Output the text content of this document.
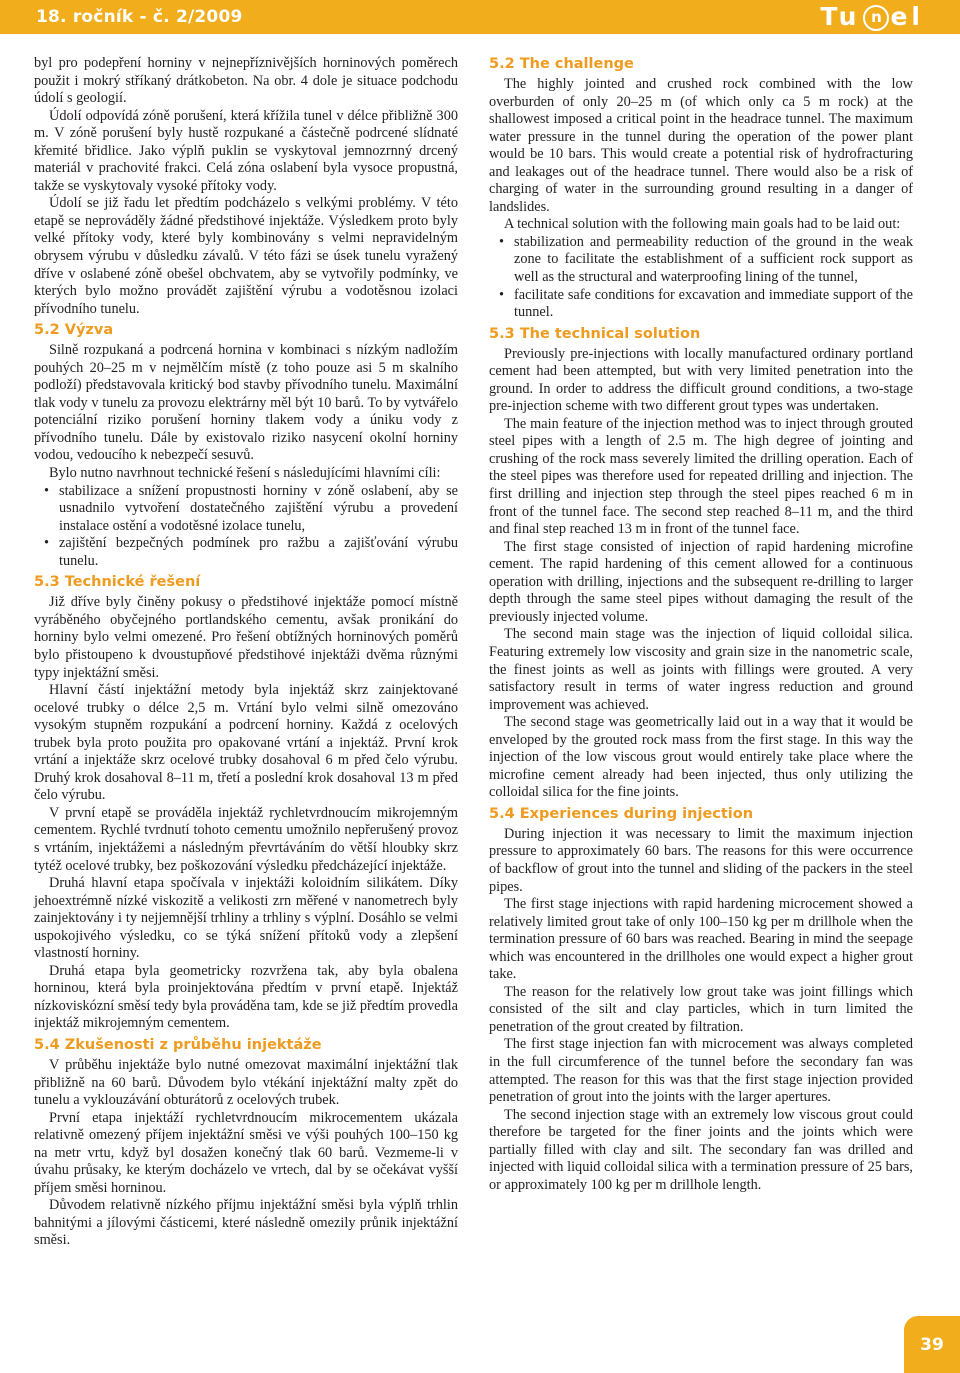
18. ročník - č. 2/2009	Tu n el

byl pro podepření horniny v nejnepříznivějších horninových poměrech použit i mokrý stříkaný drátkobeton. Na obr. 4 dole je situace podchodu údolí s geologií.

Údolí odpovídá zóně porušení, která křížila tunel v délce přibližně 300 m. V zóně porušení byly hustě rozpukané a částečně podrcené slídnaté křemité břidlice. Jako výplň puklin se vyskytoval jemnozrnný drcený materiál v prachovité frakci. Celá zóna oslabení byla vysoce propustná, takže se vyskytovaly vysoké přítoky vody.

Údolí se již řadu let předtím podcházelo s velkými problémy. V této etapě se neprováděly žádné předstihové injektáže. Výsledkem proto byly velké přítoky vody, které byly kombinovány s velmi nepravidelným obrysem výrubu v důsledku závalů. V této fázi se úsek tunelu vyražený dříve v oslabené zóně obešel obchvatem, aby se vytvořily podmínky, ve kterých bylo možno provádět zajištění výrubu a vodotěsnou izolaci přívodního tunelu.

5.2 Výzva

Silně rozpukaná a podrcená hornina v kombinaci s nízkým nadložím pouhých 20–25 m v nejmělčím místě (z toho pouze asi 5 m skalního podloží) představovala kritický bod stavby přívodního tunelu. Maximální tlak vody v tunelu za provozu elektrárny měl být 10 barů. To by vytvářelo potenciální riziko porušení horniny tlakem vody a úniku vody z přívodního tunelu. Dále by existovalo riziko nasycení okolní horniny vodou, vedoucího k nebezpečí sesuvů.

Bylo nutno navrhnout technické řešení s následujícími hlavními cíli:

• stabilizace a snížení propustnosti horniny v zóně oslabení, aby se usnadnilo vytvoření dostatečného zajištění výrubu a provedení instalace ostění a vodotěsné izolace tunelu,
• zajištění bezpečných podmínek pro ražbu a zajišťování výrubu tunelu.
5.3 Technické řešení

Již dříve byly činěny pokusy o předstihové injektáže pomocí místně vyráběného obyčejného portlandského cementu, avšak pronikání do horniny bylo velmi omezené. Pro řešení obtížných horninových poměrů bylo přistoupeno k dvoustupňové předstihové injektáži dvěma různými typy injektážní směsi.

Hlavní částí injektážní metody byla injektáž skrz zainjektované ocelové trubky o délce 2,5 m. Vrtání bylo velmi silně omezováno vysokým stupněm rozpukání a podrcení horniny. Každá z ocelových trubek byla proto použita pro opakované vrtání a injektáž. První krok vrtání a injektáže skrz ocelové trubky dosahoval 6 m před čelo výrubu. Druhý krok dosahoval 8–11 m, třetí a poslední krok dosahoval 13 m před čelo výrubu.

V první etapě se prováděla injektáž rychletvrdnoucím mikrojemným cementem. Rychlé tvrdnutí tohoto cementu umožnilo nepřerušený provoz s vrtáním, injektážemi a následným převrtáváním do větší hloubky skrz tytéž ocelové trubky, bez poškozování výsledku předcházející injektáže.

Druhá hlavní etapa spočívala v injektáži koloidním silikátem. Díky jehoextrémně nízké viskozitě a velikosti zrn měřené v nanometrech byly zainjektovány i ty nejjemnější trhliny a trhliny s výplní. Dosáhlo se velmi uspokojivého výsledku, co se týká snížení přítoků vody a zlepšení vlastností horniny.

Druhá etapa byla geometricky rozvržena tak, aby byla obalena horninou, která byla proinjektována předtím v první etapě. Injektáž nízkoviskózní směsí tedy byla prováděna tam, kde se již předtím provedla injektáž mikrojemným cementem.

5.4 Zkušenosti z průběhu injektáže

V průběhu injektáže bylo nutné omezovat maximální injektážní tlak přibližně na 60 barů. Důvodem bylo vtékání injektážní malty zpět do tunelu a vyklouzávání obturátorů z ocelových trubek.

První etapa injektáží rychletvrdnoucím mikrocementem ukázala relativně omezený příjem injektážní směsi ve výši pouhých 100–150 kg na metr vrtu, když byl dosažen konečný tlak 60 barů. Vezmeme-li v úvahu průsaky, ke kterým docházelo ve vrtech, dal by se očekávat vyšší příjem směsi horninou.

Důvodem relativně nízkého příjmu injektážní směsi byla výplň trhlin bahnitými a jílovými částicemi, které následně omezily průnik injektážní směsi.

5.2 The challenge

The highly jointed and crushed rock combined with the low overburden of only 20–25 m (of which only ca 5 m rock) at the shallowest imposed a critical point in the headrace tunnel. The maximum water pressure in the tunnel during the operation of the power plant would be 10 bars. This would create a potential risk of hydrofracturing and leakages out of the headrace tunnel. There would also be a risk of charging of water in the surrounding ground resulting in a danger of landslides.

A technical solution with the following main goals had to be laid out:

• stabilization and permeability reduction of the ground in the weak zone to facilitate the establishment of a sufficient rock support as well as the structural and waterproofing lining of the tunnel,
• facilitate safe conditions for excavation and immediate support of the tunnel.
5.3 The technical solution

Previously pre-injections with locally manufactured ordinary portland cement had been attempted, but with very limited penetration into the ground. In order to address the difficult ground conditions, a two-stage pre-injection scheme with two different grout types was undertaken.

The main feature of the injection method was to inject through grouted steel pipes with a length of 2.5 m. The high degree of jointing and crushing of the rock mass severely limited the drilling operation. Each of the steel pipes was therefore used for repeated drilling and injection. The first drilling and injection step through the steel pipes reached 6 m in front of the tunnel face. The second step reached 8–11 m, and the third and final step reached 13 m in front of the tunnel face.

The first stage consisted of injection of rapid hardening microfine cement. The rapid hardening of this cement allowed for a continuous operation with drilling, injections and the subsequent re-drilling to larger depth through the same steel pipes without damaging the result of the previously injected volume.

The second main stage was the injection of liquid colloidal silica. Featuring extremely low viscosity and grain size in the nanometric scale, the finest joints as well as joints with fillings were grouted. A very satisfactory result in terms of water ingress reduction and ground improvement was achieved.

The second stage was geometrically laid out in a way that it would be enveloped by the grouted rock mass from the first stage. In this way the injection of the low viscous grout would entirely take place where the microfine cement already had been injected, thus only utilizing the colloidal silica for the fine joints.

5.4 Experiences during injection

During injection it was necessary to limit the maximum injection pressure to approximately 60 bars. The reasons for this were occurrence of backflow of grout into the tunnel and sliding of the packers in the steel pipes.

The first stage injections with rapid hardening microcement showed a relatively limited grout take of only 100–150 kg per m drillhole when the termination pressure of 60 bars was reached. Bearing in mind the seepage which was encountered in the drillholes one would expect a higher grout take.

The reason for the relatively low grout take was joint fillings which consisted of the silt and clay particles, which in turn limited the penetration of the grout created by filtration.

The first stage injection fan with microcement was always completed in the full circumference of the tunnel before the secondary fan was attempted. The reason for this was that the first stage injection provided penetration of grout into the joints with the larger apertures.

The second injection stage with an extremely low viscous grout could therefore be targeted for the finer joints and the joints which were partially filled with clay and silt. The secondary fan was drilled and injected with liquid colloidal silica with a termination pressure of 25 bars, or approximately 100 kg per m drillhole length.

39
